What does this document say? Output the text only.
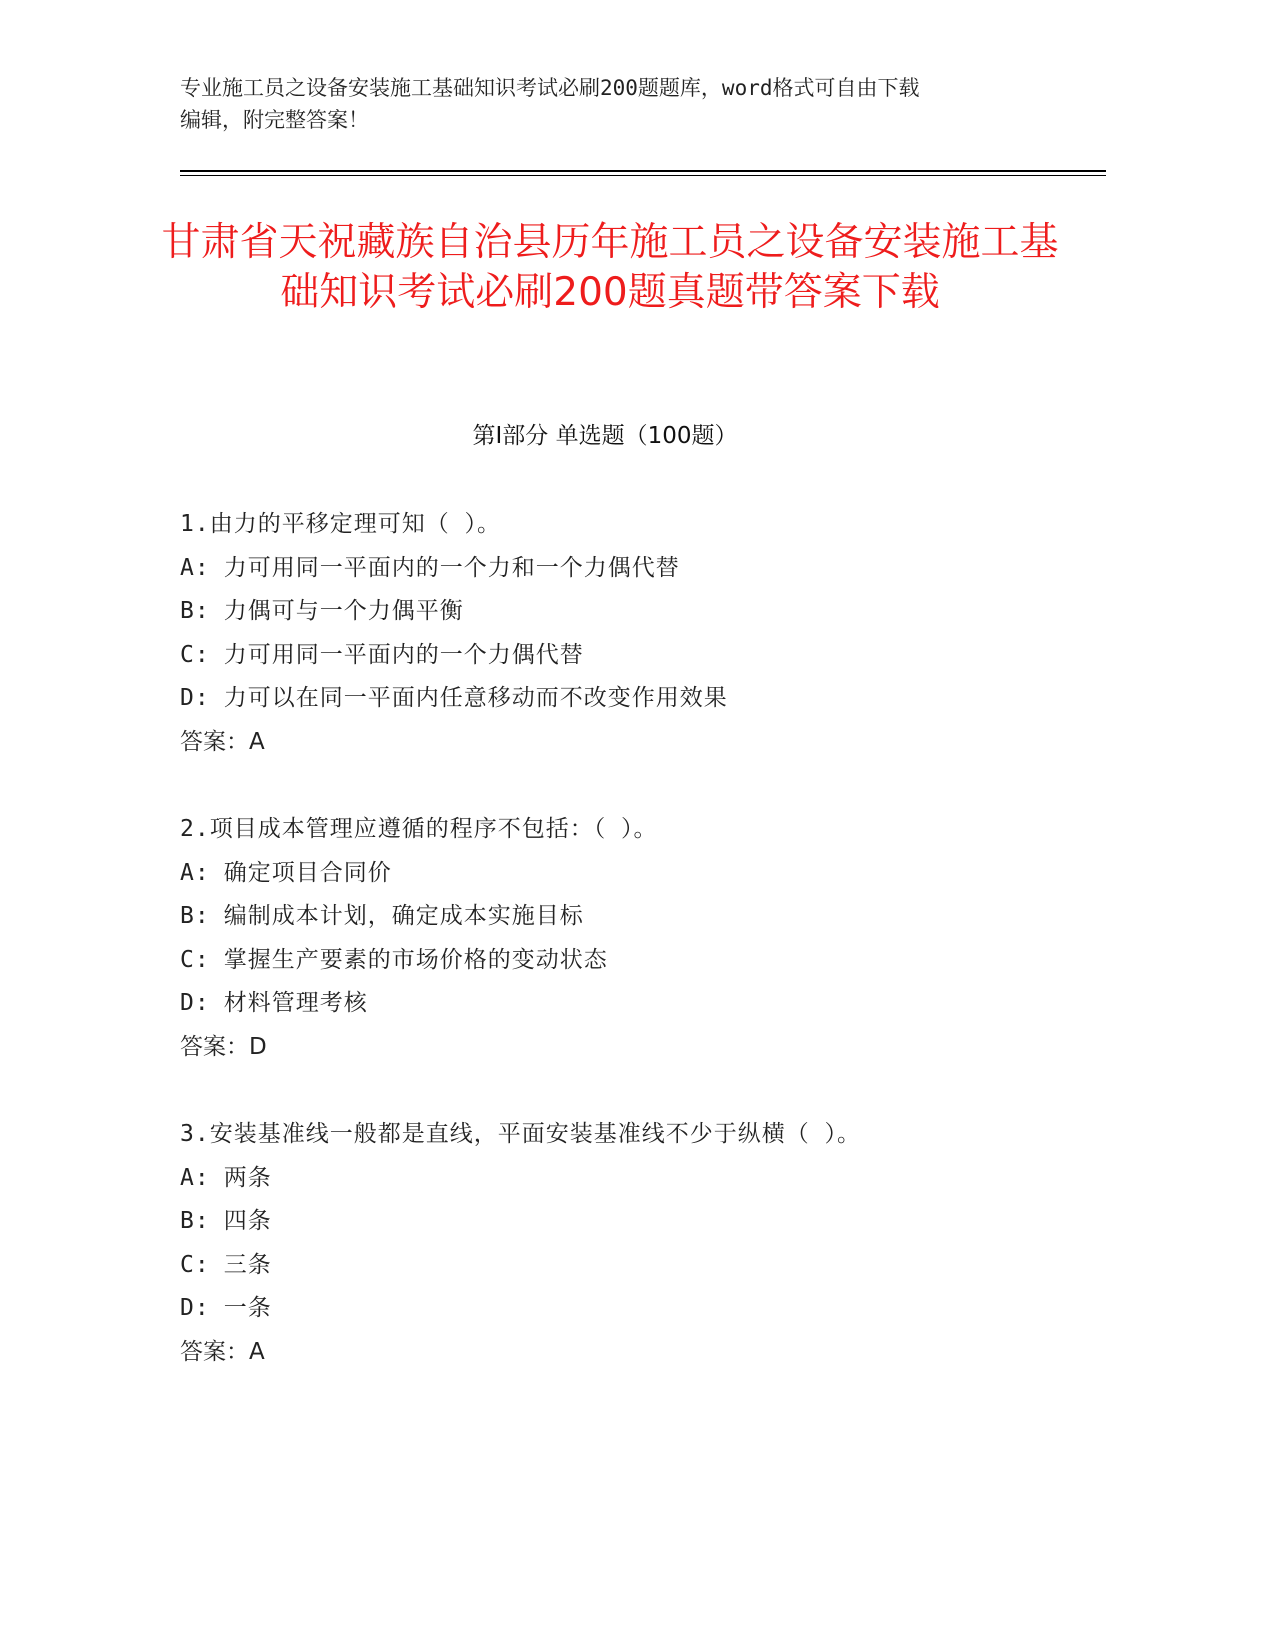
专业施工员之设备安装施工基础知识考试必刷200题题库，word格式可自由下载
编辑，附完整答案！
甘肃省天祝藏族自治县历年施工员之设备安装施工基础知识考试必刷200题真题带答案下载
第Ⅰ部分 单选题（100题）
1.由力的平移定理可知（ ）。
A: 力可用同一平面内的一个力和一个力偶代替
B: 力偶可与一个力偶平衡
C: 力可用同一平面内的一个力偶代替
D: 力可以在同一平面内任意移动而不改变作用效果
答案：A
2.项目成本管理应遵循的程序不包括：（ ）。
A: 确定项目合同价
B: 编制成本计划，确定成本实施目标
C: 掌握生产要素的市场价格的变动状态
D: 材料管理考核
答案：D
3.安装基准线一般都是直线，平面安装基准线不少于纵横（ ）。
A: 两条
B: 四条
C: 三条
D: 一条
答案：A
